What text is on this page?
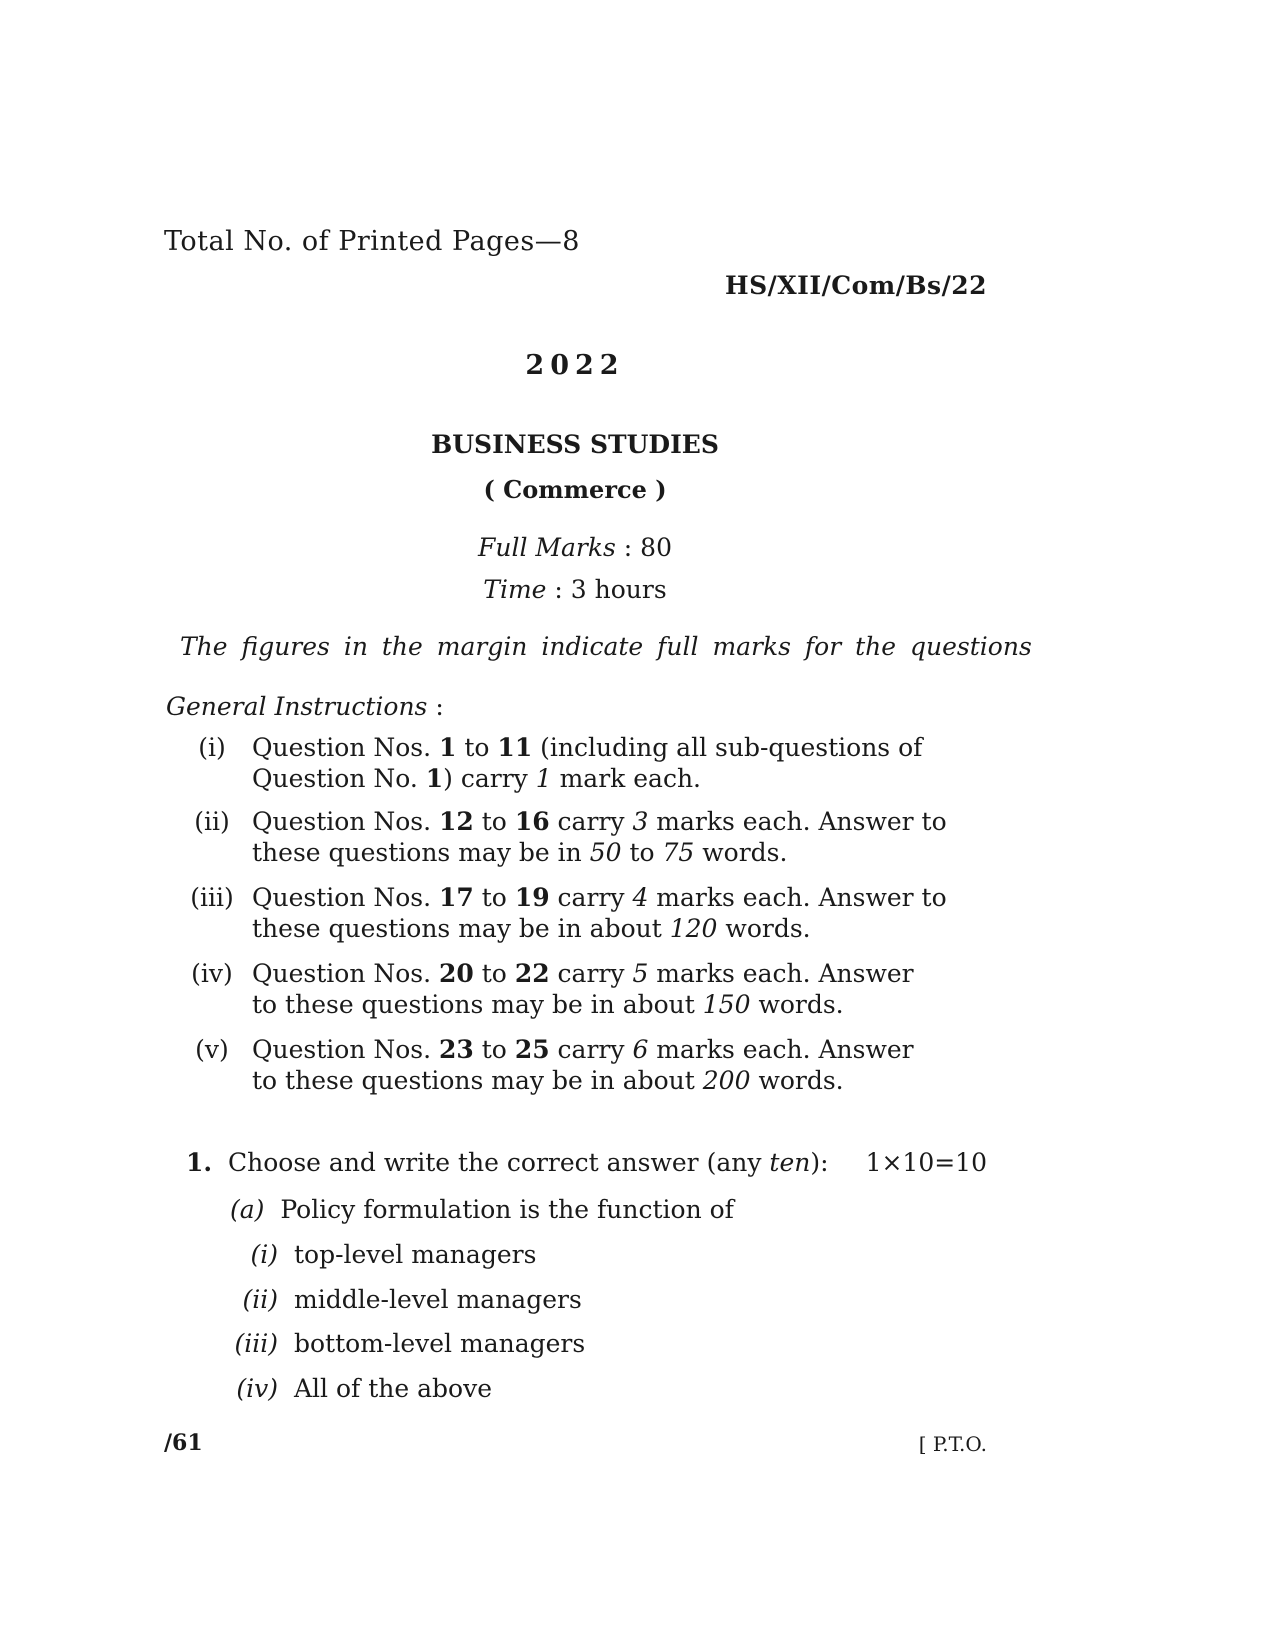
Total No. of Printed Pages—8
HS/XII/Com/Bs/22
2022
BUSINESS STUDIES
( Commerce )
Full Marks : 80
Time : 3 hours
The figures in the margin indicate full marks for the questions
General Instructions :
(i)	Question Nos. 1 to 11 (including all sub-questions of
Question No. 1) carry 1 mark each.
(ii) Question Nos. 12 to 16 carry 3 marks each. Answer to
these questions may be in 50 to 75 words.
(iii) Question Nos. 17 to 19 carry 4 marks each. Answer to
these questions may be in about 120 words.
(iv) Question Nos. 20 to 22 carry 5 marks each. Answer
to these questions may be in about 150 words.
(v) Question Nos. 23 to 25 carry 6 marks each. Answer
to these questions may be in about 200 words.
1. Choose and write the correct answer (any ten): 1×10=10
(a) Policy formulation is the function of
(i) top-level managers
(ii) middle-level managers
(iii) bottom-level managers
(iv) All of the above
/61	[ P.T.O.
